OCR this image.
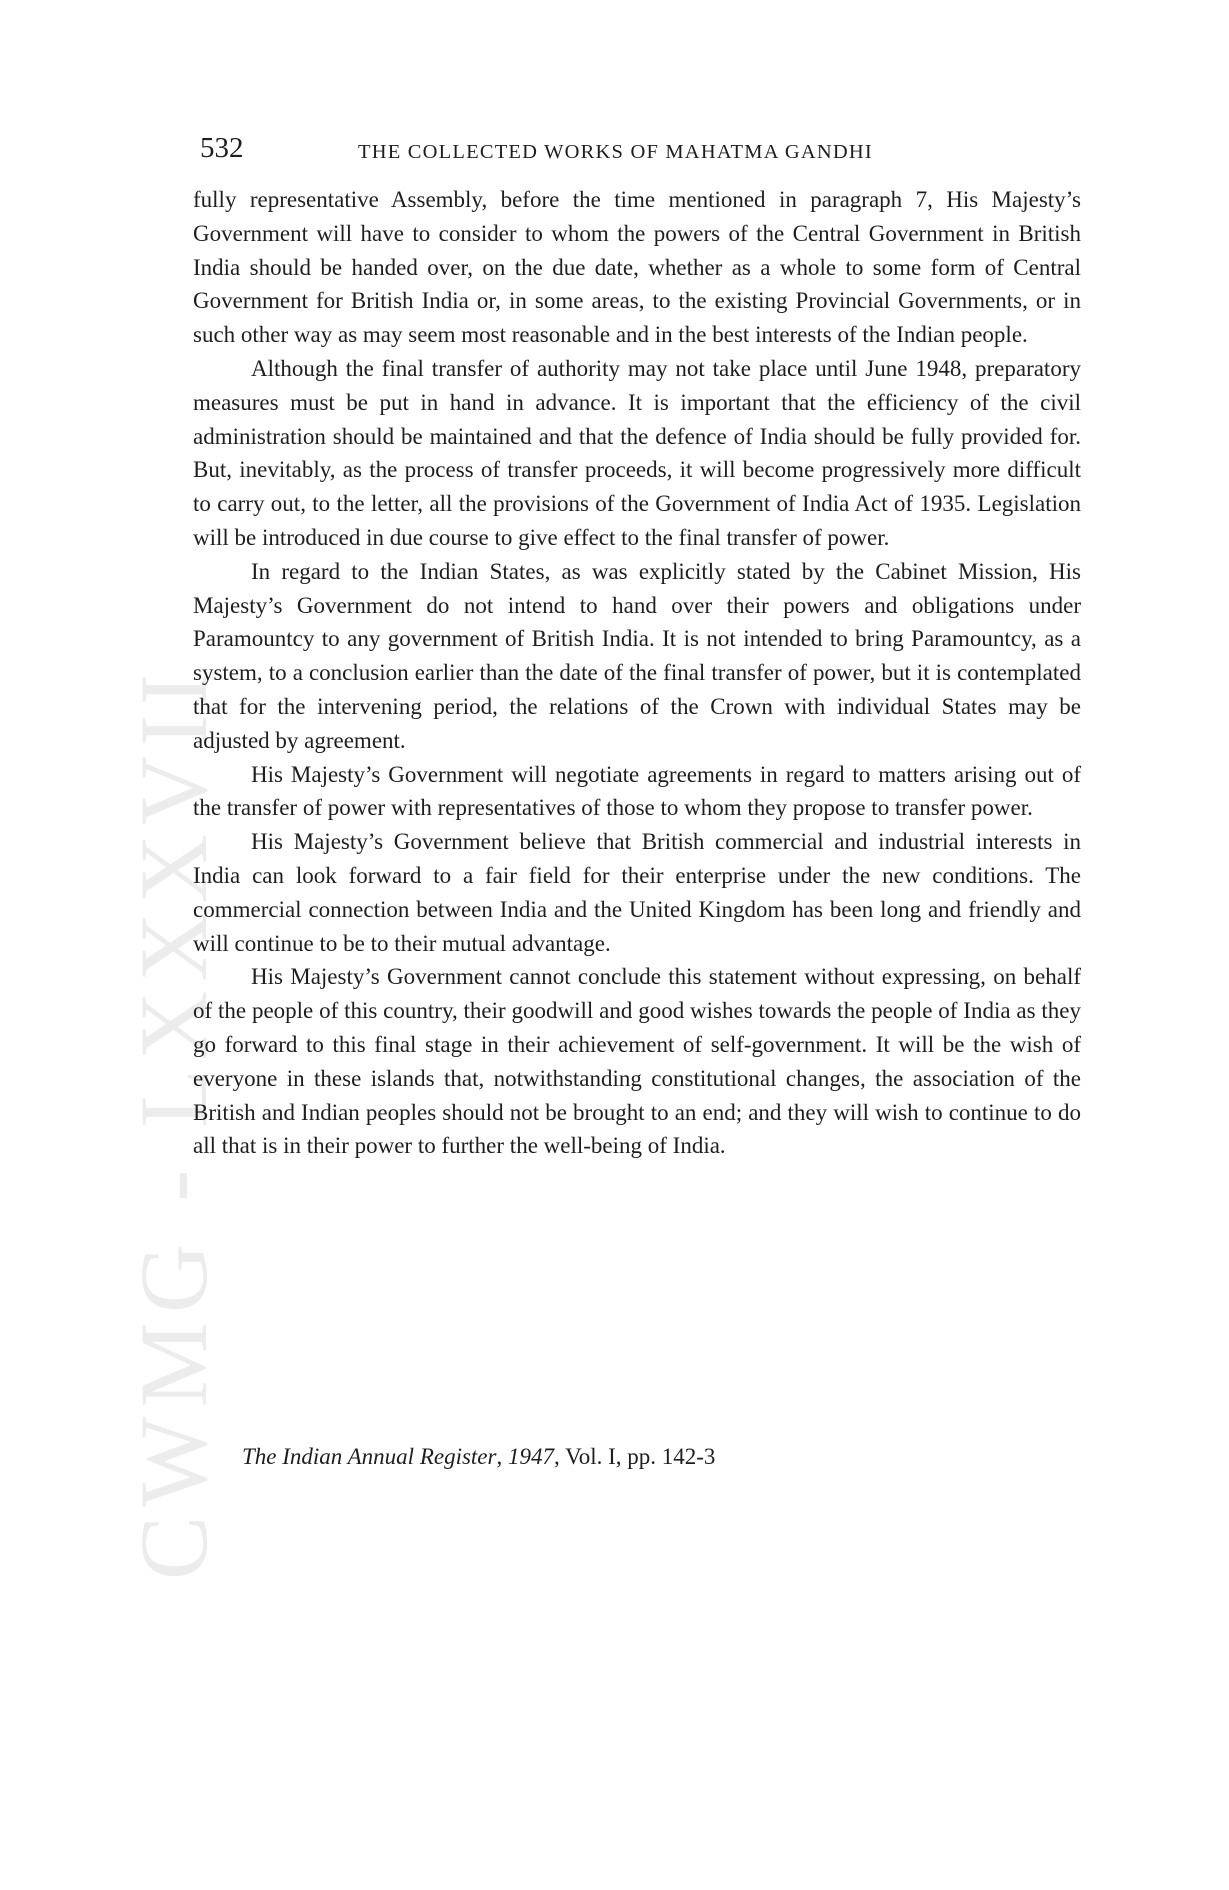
CWMG - LXXXVII
532	THE COLLECTED WORKS OF MAHATMA GANDHI

fully representative Assembly, before the time mentioned in paragraph 7, His Majesty’s Government will have to consider to whom the powers of the Central Government in British India should be handed over, on the due date, whether as a whole to some form of Central Government for British India or, in some areas, to the existing Provincial Governments, or in such other way as may seem most reasonable and in the best interests of the Indian people.

Although the final transfer of authority may not take place until June 1948, preparatory measures must be put in hand in advance. It is important that the efficiency of the civil administration should be maintained and that the defence of India should be fully provided for. But, inevitably, as the process of transfer proceeds, it will become progressively more difficult to carry out, to the letter, all the provisions of the Government of India Act of 1935. Legislation will be introduced in due course to give effect to the final transfer of power.

In regard to the Indian States, as was explicitly stated by the Cabinet Mission, His Majesty’s Government do not intend to hand over their powers and obligations under Paramountcy to any government of British India. It is not intended to bring Paramountcy, as a system, to a conclusion earlier than the date of the final transfer of power, but it is contemplated that for the intervening period, the relations of the Crown with individual States may be adjusted by agreement.

His Majesty’s Government will negotiate agreements in regard to matters arising out of the transfer of power with representatives of those to whom they propose to transfer power.

His Majesty’s Government believe that British commercial and industrial interests in India can look forward to a fair field for their enterprise under the new conditions. The commercial connection between India and the United Kingdom has been long and friendly and will continue to be to their mutual advantage.

His Majesty’s Government cannot conclude this statement without expressing, on behalf of the people of this country, their goodwill and good wishes towards the people of India as they go forward to this final stage in their achievement of self-government. It will be the wish of everyone in these islands that, notwithstanding constitutional changes, the association of the British and Indian peoples should not be brought to an end; and they will wish to continue to do all that is in their power to further the well-being of India.

The Indian Annual Register, 1947, Vol. I, pp. 142-3
